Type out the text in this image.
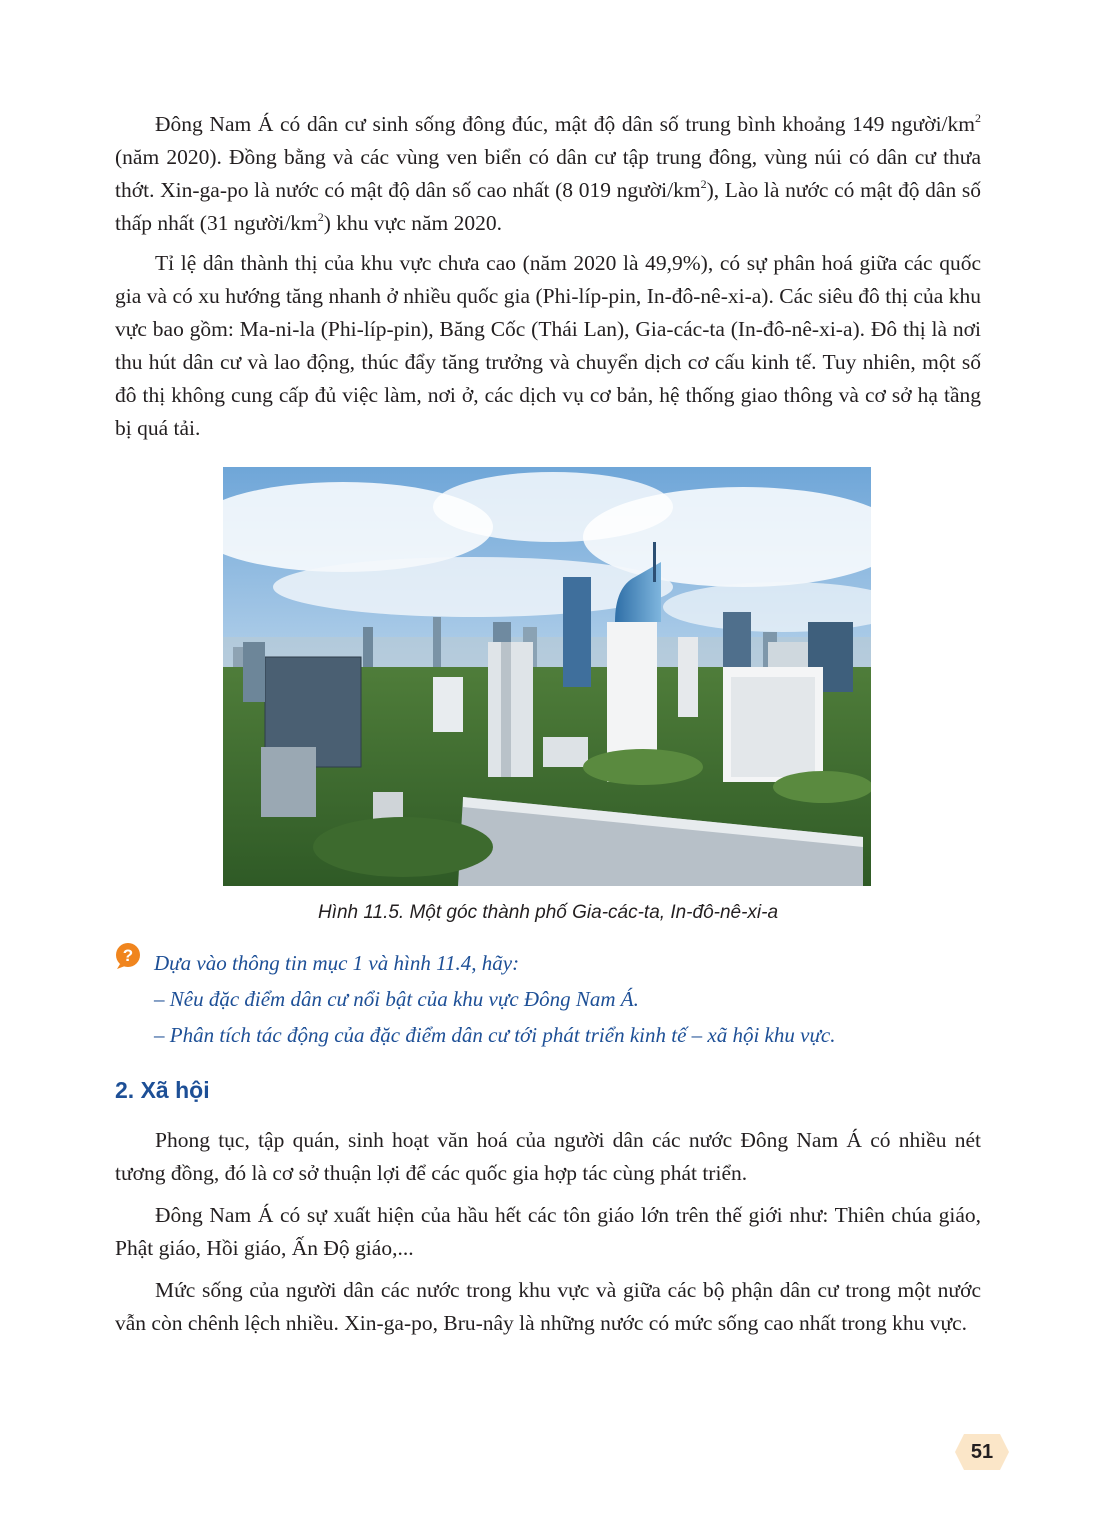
Đông Nam Á có dân cư sinh sống đông đúc, mật độ dân số trung bình khoảng 149 người/$km^2$ (năm 2020). Đồng bằng và các vùng ven biển có dân cư tập trung đông, vùng núi có dân cư thưa thớt. Xin-ga-po là nước có mật độ dân số cao nhất (8 019 người/$km^2$), Lào là nước có mật độ dân số thấp nhất (31 người/$km^2$) khu vực năm 2020.

Tỉ lệ dân thành thị của khu vực chưa cao (năm 2020 là 49,9%), có sự phân hoá giữa các quốc gia và có xu hướng tăng nhanh ở nhiều quốc gia (Phi-líp-pin, In-đô-nê-xi-a). Các siêu đô thị của khu vực bao gồm: Ma-ni-la (Phi-líp-pin), Băng Cốc (Thái Lan), Gia-các-ta (In-đô-nê-xi-a). Đô thị là nơi thu hút dân cư và lao động, thúc đẩy tăng trưởng và chuyển dịch cơ cấu kinh tế. Tuy nhiên, một số đô thị không cung cấp đủ việc làm, nơi ở, các dịch vụ cơ bản, hệ thống giao thông và cơ sở hạ tầng bị quá tải.

Hình 11.5. Một góc thành phố Gia-các-ta, In-đô-nê-xi-a
? Dựa vào thông tin mục 1 và hình 11.4, hãy:
– Nêu đặc điểm dân cư nổi bật của khu vực Đông Nam Á.
– Phân tích tác động của đặc điểm dân cư tới phát triển kinh tế – xã hội khu vực.
2. Xã hội

Phong tục, tập quán, sinh hoạt văn hoá của người dân các nước Đông Nam Á có nhiều nét tương đồng, đó là cơ sở thuận lợi để các quốc gia hợp tác cùng phát triển.

Đông Nam Á có sự xuất hiện của hầu hết các tôn giáo lớn trên thế giới như: Thiên chúa giáo, Phật giáo, Hồi giáo, Ấn Độ giáo,...

Mức sống của người dân các nước trong khu vực và giữa các bộ phận dân cư trong một nước vẫn còn chênh lệch nhiều. Xin-ga-po, Bru-nây là những nước có mức sống cao nhất trong khu vực.

51
